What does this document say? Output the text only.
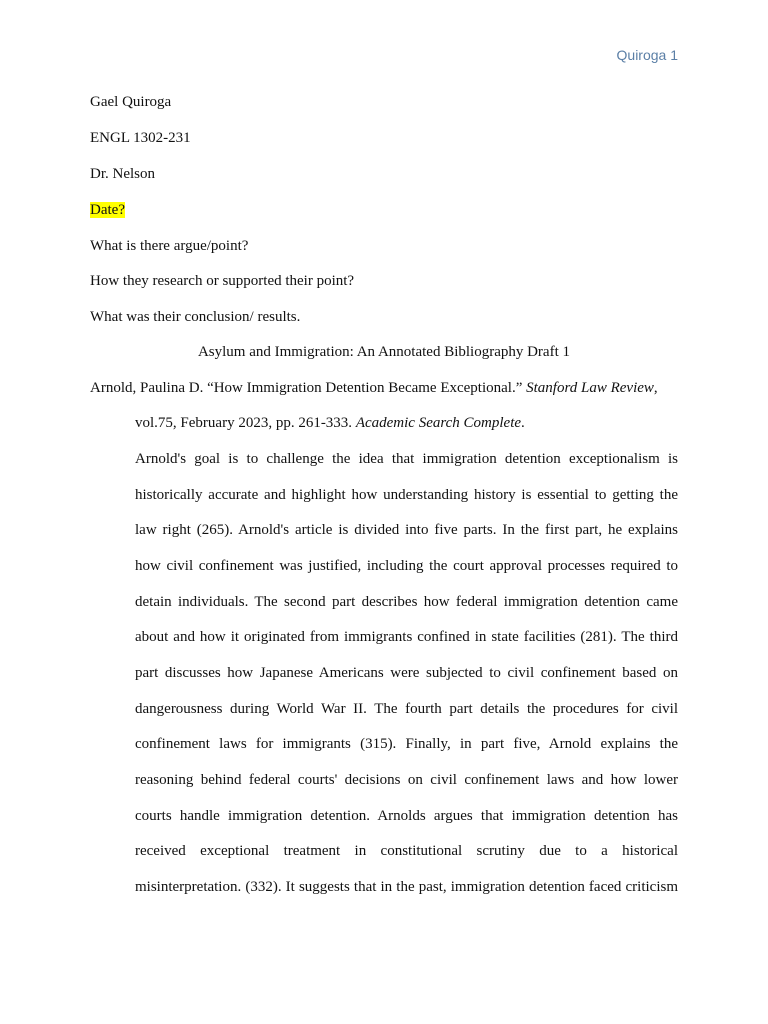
Quiroga 1
Gael Quiroga
ENGL 1302-231
Dr. Nelson
Date?
What is there argue/point?
How they research or supported their point?
What was their conclusion/ results.
Asylum and Immigration: An Annotated Bibliography Draft 1
Arnold, Paulina D. “How Immigration Detention Became Exceptional.” Stanford Law Review,
vol.75, February 2023, pp. 261-333. Academic Search Complete.
Arnold's goal is to challenge the idea that immigration detention exceptionalism is
historically accurate and highlight how understanding history is essential to getting the
law right (265). Arnold's article is divided into five parts. In the first part, he explains
how civil confinement was justified, including the court approval processes required to
detain individuals. The second part describes how federal immigration detention came
about and how it originated from immigrants confined in state facilities (281). The third
part discusses how Japanese Americans were subjected to civil confinement based on
dangerousness during World War II. The fourth part details the procedures for civil
confinement laws for immigrants (315). Finally, in part five, Arnold explains the
reasoning behind federal courts' decisions on civil confinement laws and how lower
courts handle immigration detention. Arnolds argues that immigration detention has
received exceptional treatment in constitutional scrutiny due to a historical
misinterpretation. (332). It suggests that in the past, immigration detention faced criticism
